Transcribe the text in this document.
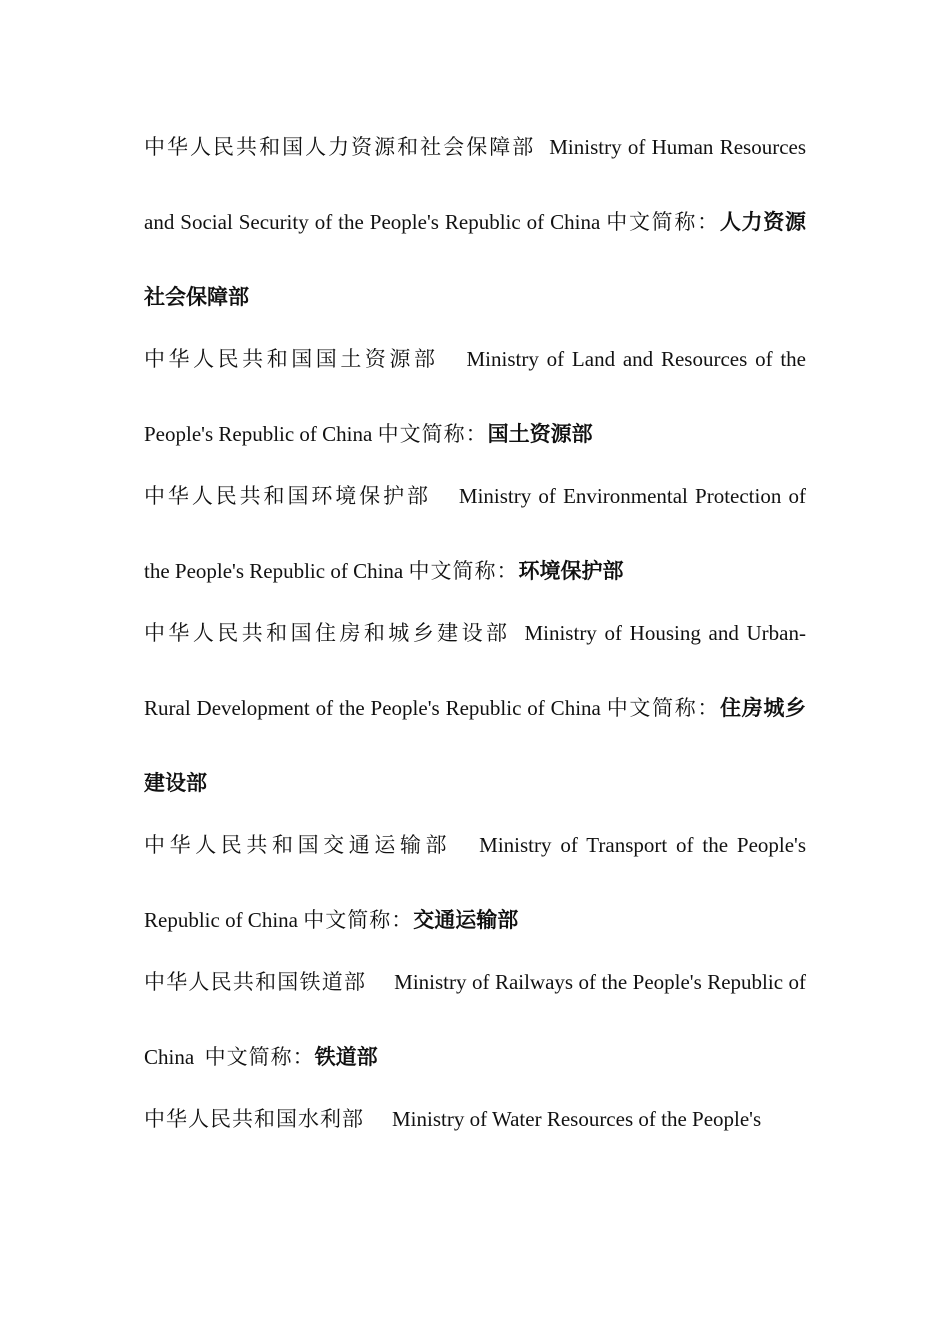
中华人民共和国人力资源和社会保障部 Ministry of Human Resources and Social Security of the People's Republic of China 中文简称：人力资源社会保障部

中华人民共和国国土资源部 Ministry of Land and Resources of the People's Republic of China 中文简称：国土资源部

中华人民共和国环境保护部 Ministry of Environmental Protection of the People's Republic of China 中文简称：环境保护部

中华人民共和国住房和城乡建设部 Ministry of Housing and Urban-Rural Development of the People's Republic of China 中文简称：住房城乡建设部

中华人民共和国交通运输部 Ministry of Transport of the People's Republic of China 中文简称：交通运输部

中华人民共和国铁道部 Ministry of Railways of the People's Republic of China 中文简称：铁道部

中华人民共和国水利部 Ministry of Water Resources of the People's
